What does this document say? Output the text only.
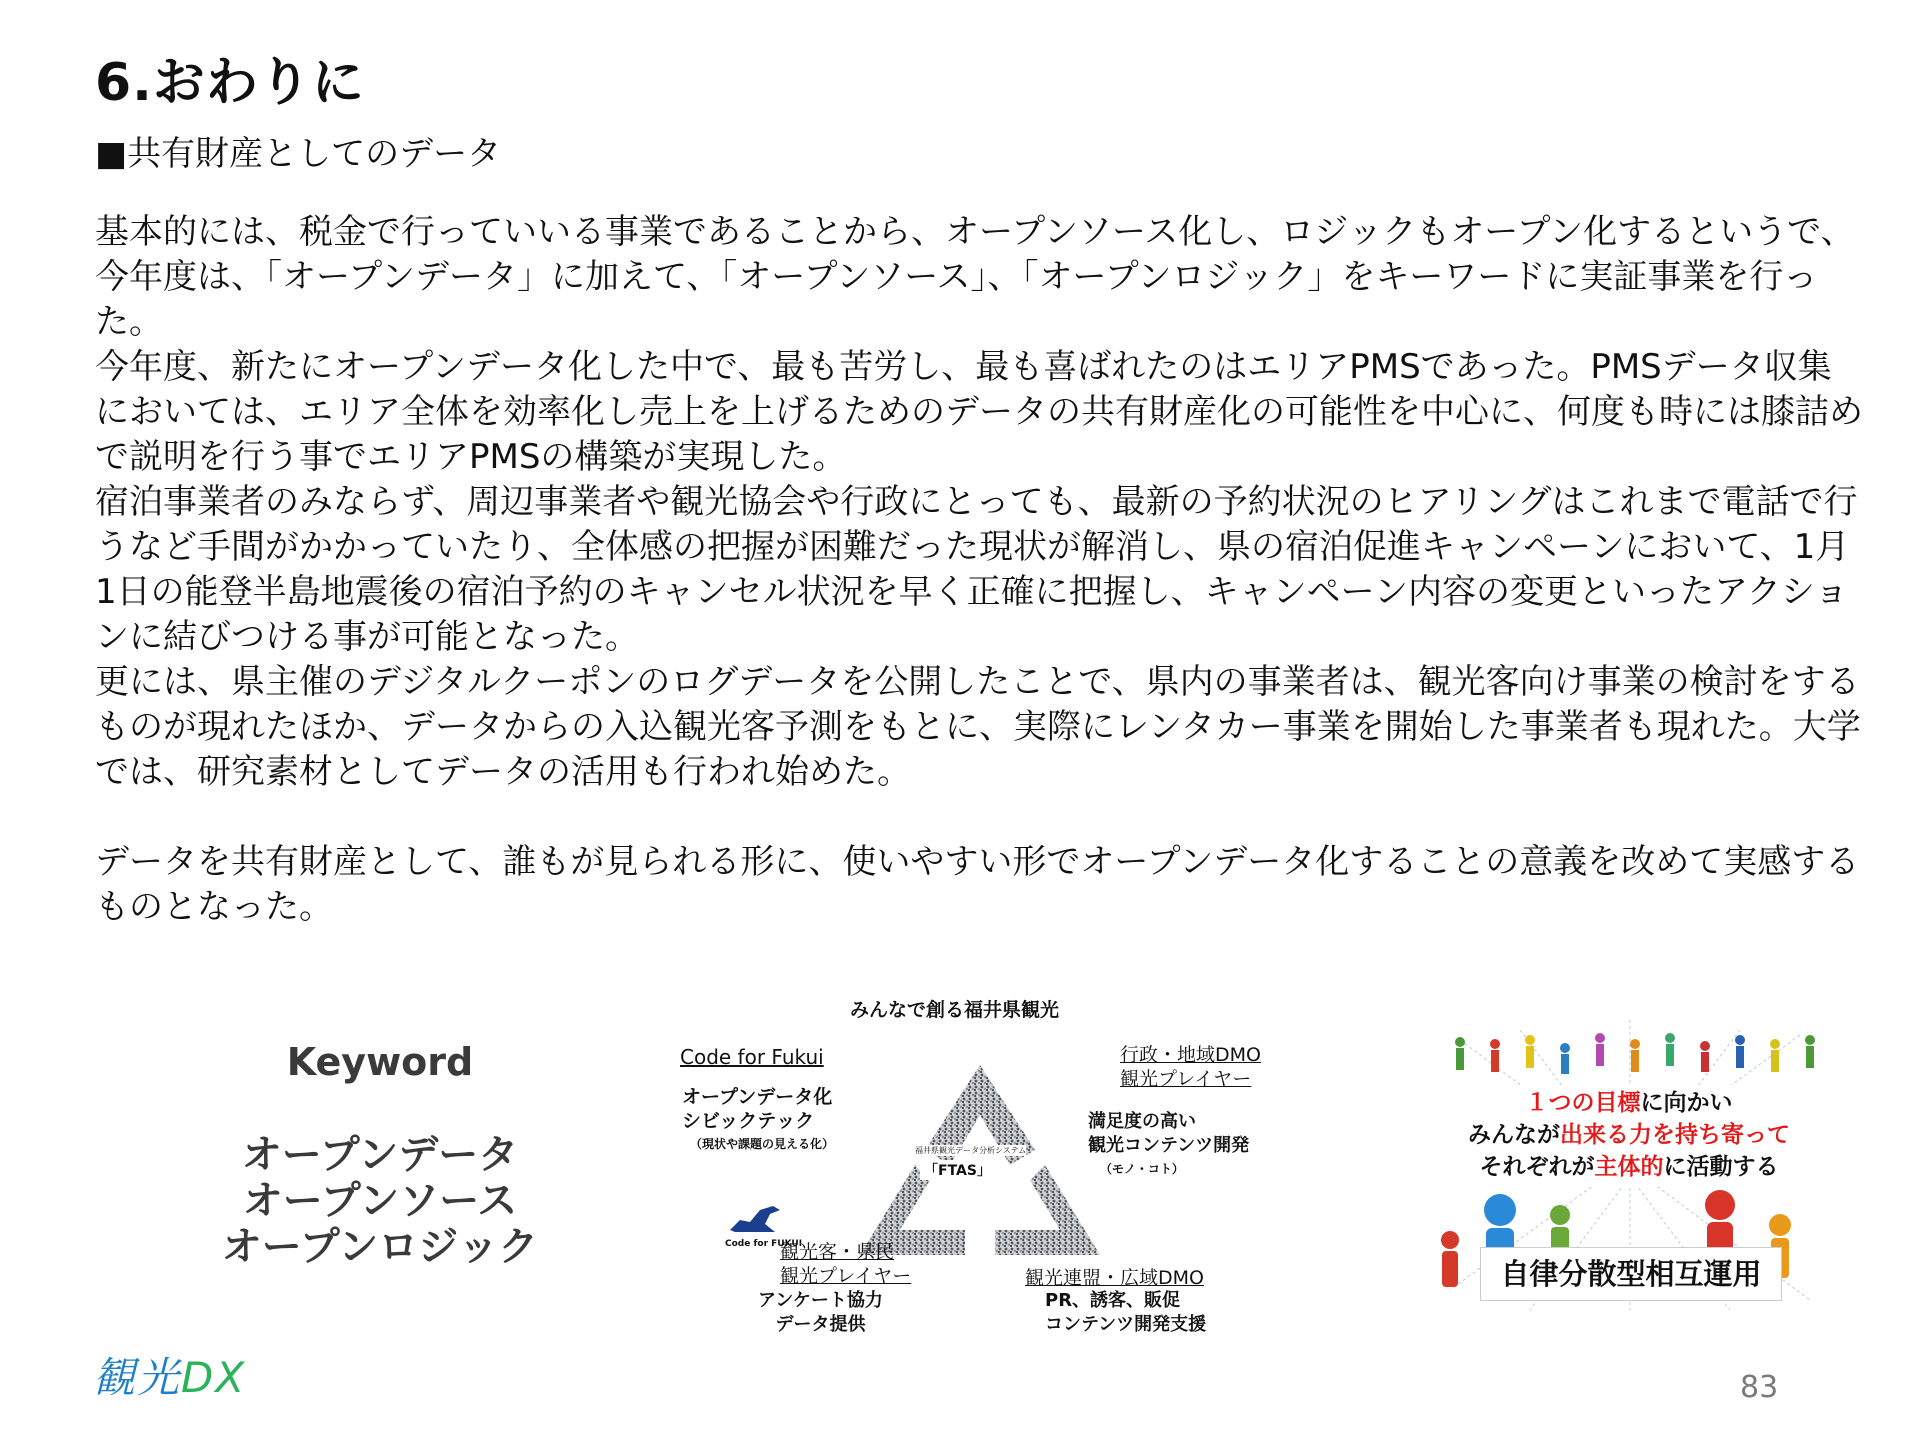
6.おわりに
■共有財産としてのデータ

基本的には、税金で行っていいる事業であることから、オープンソース化し、ロジックもオープン化するというで、今年度は、「オープンデータ」に加えて、「オープンソース」、「オープンロジック」をキーワードに実証事業を行った。

今年度、新たにオープンデータ化した中で、最も苦労し、最も喜ばれたのはエリアPMSであった。PMSデータ収集においては、エリア全体を効率化し売上を上げるためのデータの共有財産化の可能性を中心に、何度も時には膝詰めで説明を行う事でエリアPMSの構築が実現した。

宿泊事業者のみならず、周辺事業者や観光協会や行政にとっても、最新の予約状況のヒアリングはこれまで電話で行うなど手間がかかっていたり、全体感の把握が困難だった現状が解消し、県の宿泊促進キャンペーンにおいて、1月1日の能登半島地震後の宿泊予約のキャンセル状況を早く正確に把握し、キャンペーン内容の変更といったアクションに結びつける事が可能となった。

更には、県主催のデジタルクーポンのログデータを公開したことで、県内の事業者は、観光客向け事業の検討をするものが現れたほか、データからの入込観光客予測をもとに、実際にレンタカー事業を開始した事業者も現れた。大学では、研究素材としてデータの活用も行われ始めた。

データを共有財産として、誰もが見られる形に、使いやすい形でオープンデータ化することの意義を改めて実感するものとなった。

Keyword
オープンデータ
オープンソース
オープンロジック
みんなで創る福井県観光
Code for Fukui
オープンデータ化
シビックテック
（現状や課題の見える化）
Code for FUKUI
行政・地域DMO
観光プレイヤー
満足度の高い
観光コンテンツ開発
（モノ・コト）
福井県観光データ分析システム
「FTAS」
観光客・県民
観光プレイヤー
アンケート協力
データ提供
観光連盟・広域DMO
PR、誘客、販促
コンテンツ開発支援
１つの目標に向かい
みんなが出来る力を持ち寄って
それぞれが主体的に活動する
自律分散型相互運用
観光DX	83
